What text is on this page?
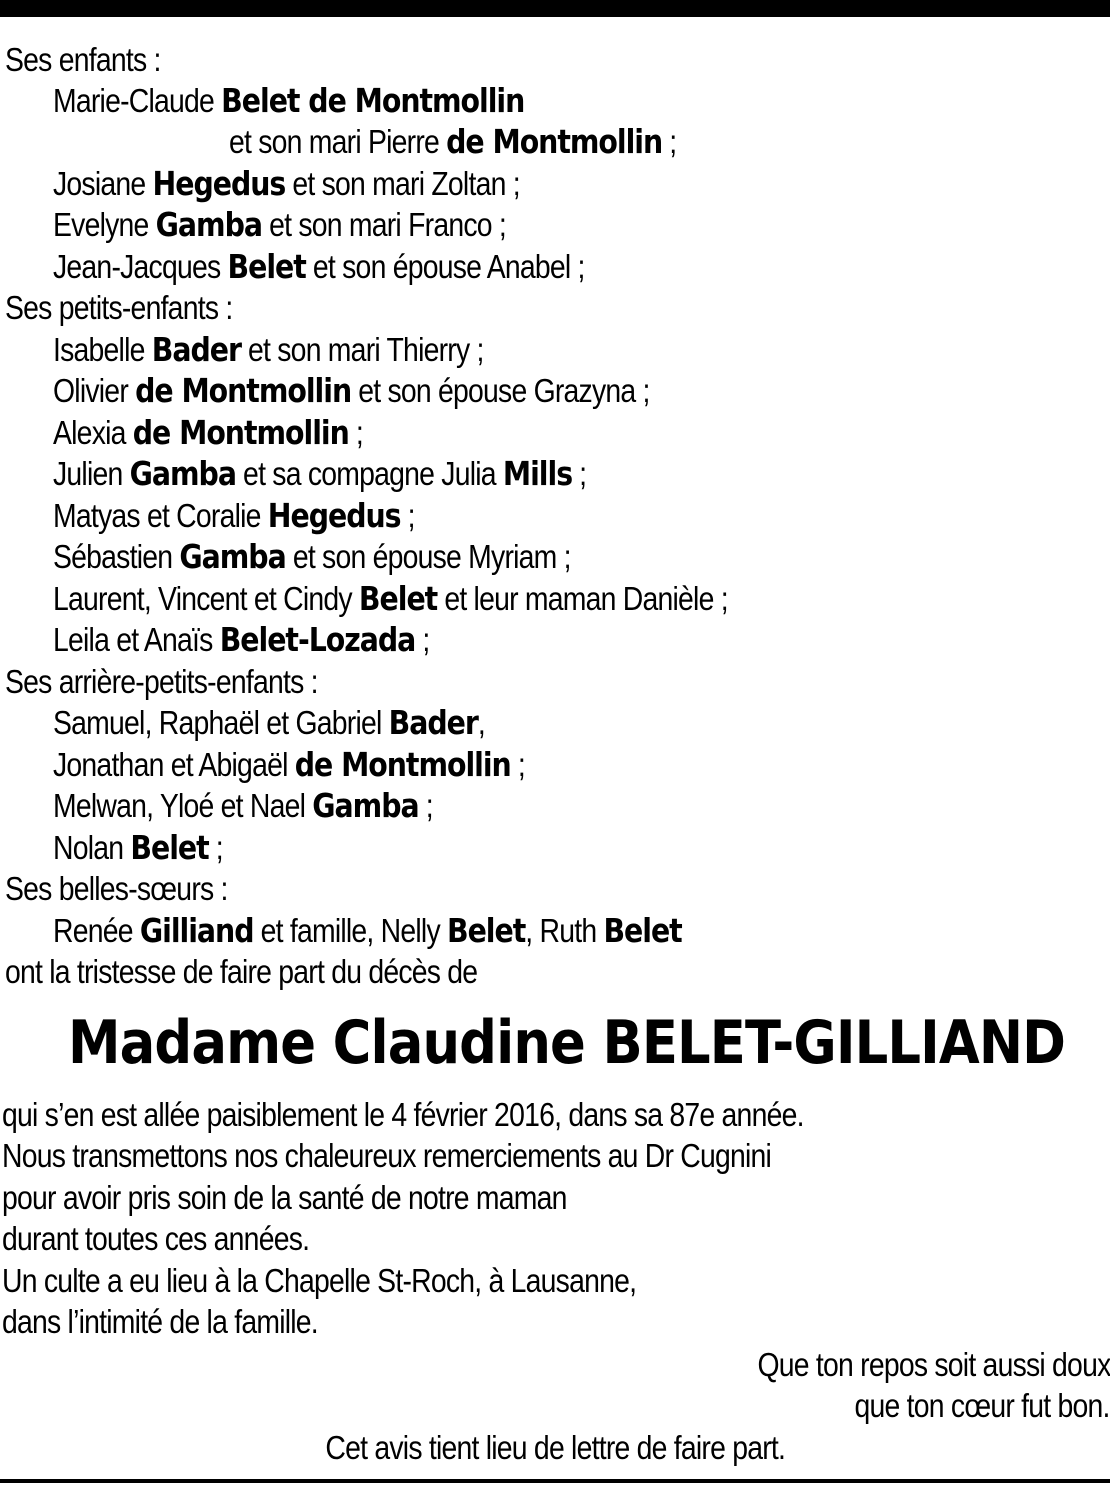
Ses enfants :
Marie-Claude Belet de Montmollin
et son mari Pierre de Montmollin ;
Josiane Hegedus et son mari Zoltan ;
Evelyne Gamba et son mari Franco ;
Jean-Jacques Belet et son épouse Anabel ;
Ses petits-enfants :
Isabelle Bader et son mari Thierry ;
Olivier de Montmollin et son épouse Grazyna ;
Alexia de Montmollin ;
Julien Gamba et sa compagne Julia Mills ;
Matyas et Coralie Hegedus ;
Sébastien Gamba et son épouse Myriam ;
Laurent, Vincent et Cindy Belet et leur maman Danièle ;
Leila et Anaïs Belet-Lozada ;
Ses arrière-petits-enfants :
Samuel, Raphaël et Gabriel Bader,
Jonathan et Abigaël de Montmollin ;
Melwan, Yloé et Nael Gamba ;
Nolan Belet ;
Ses belles-sœurs :
Renée Gilliand et famille, Nelly Belet, Ruth Belet
ont la tristesse de faire part du décès de
Madame Claudine BELET-GILLIAND
qui s’en est allée paisiblement le 4 février 2016, dans sa 87e année.
Nous transmettons nos chaleureux remerciements au Dr Cugnini
pour avoir pris soin de la santé de notre maman
durant toutes ces années.
Un culte a eu lieu à la Chapelle St-Roch, à Lausanne,
dans l’intimité de la famille.
Que ton repos soit aussi doux
que ton cœur fut bon.
Cet avis tient lieu de lettre de faire part.
